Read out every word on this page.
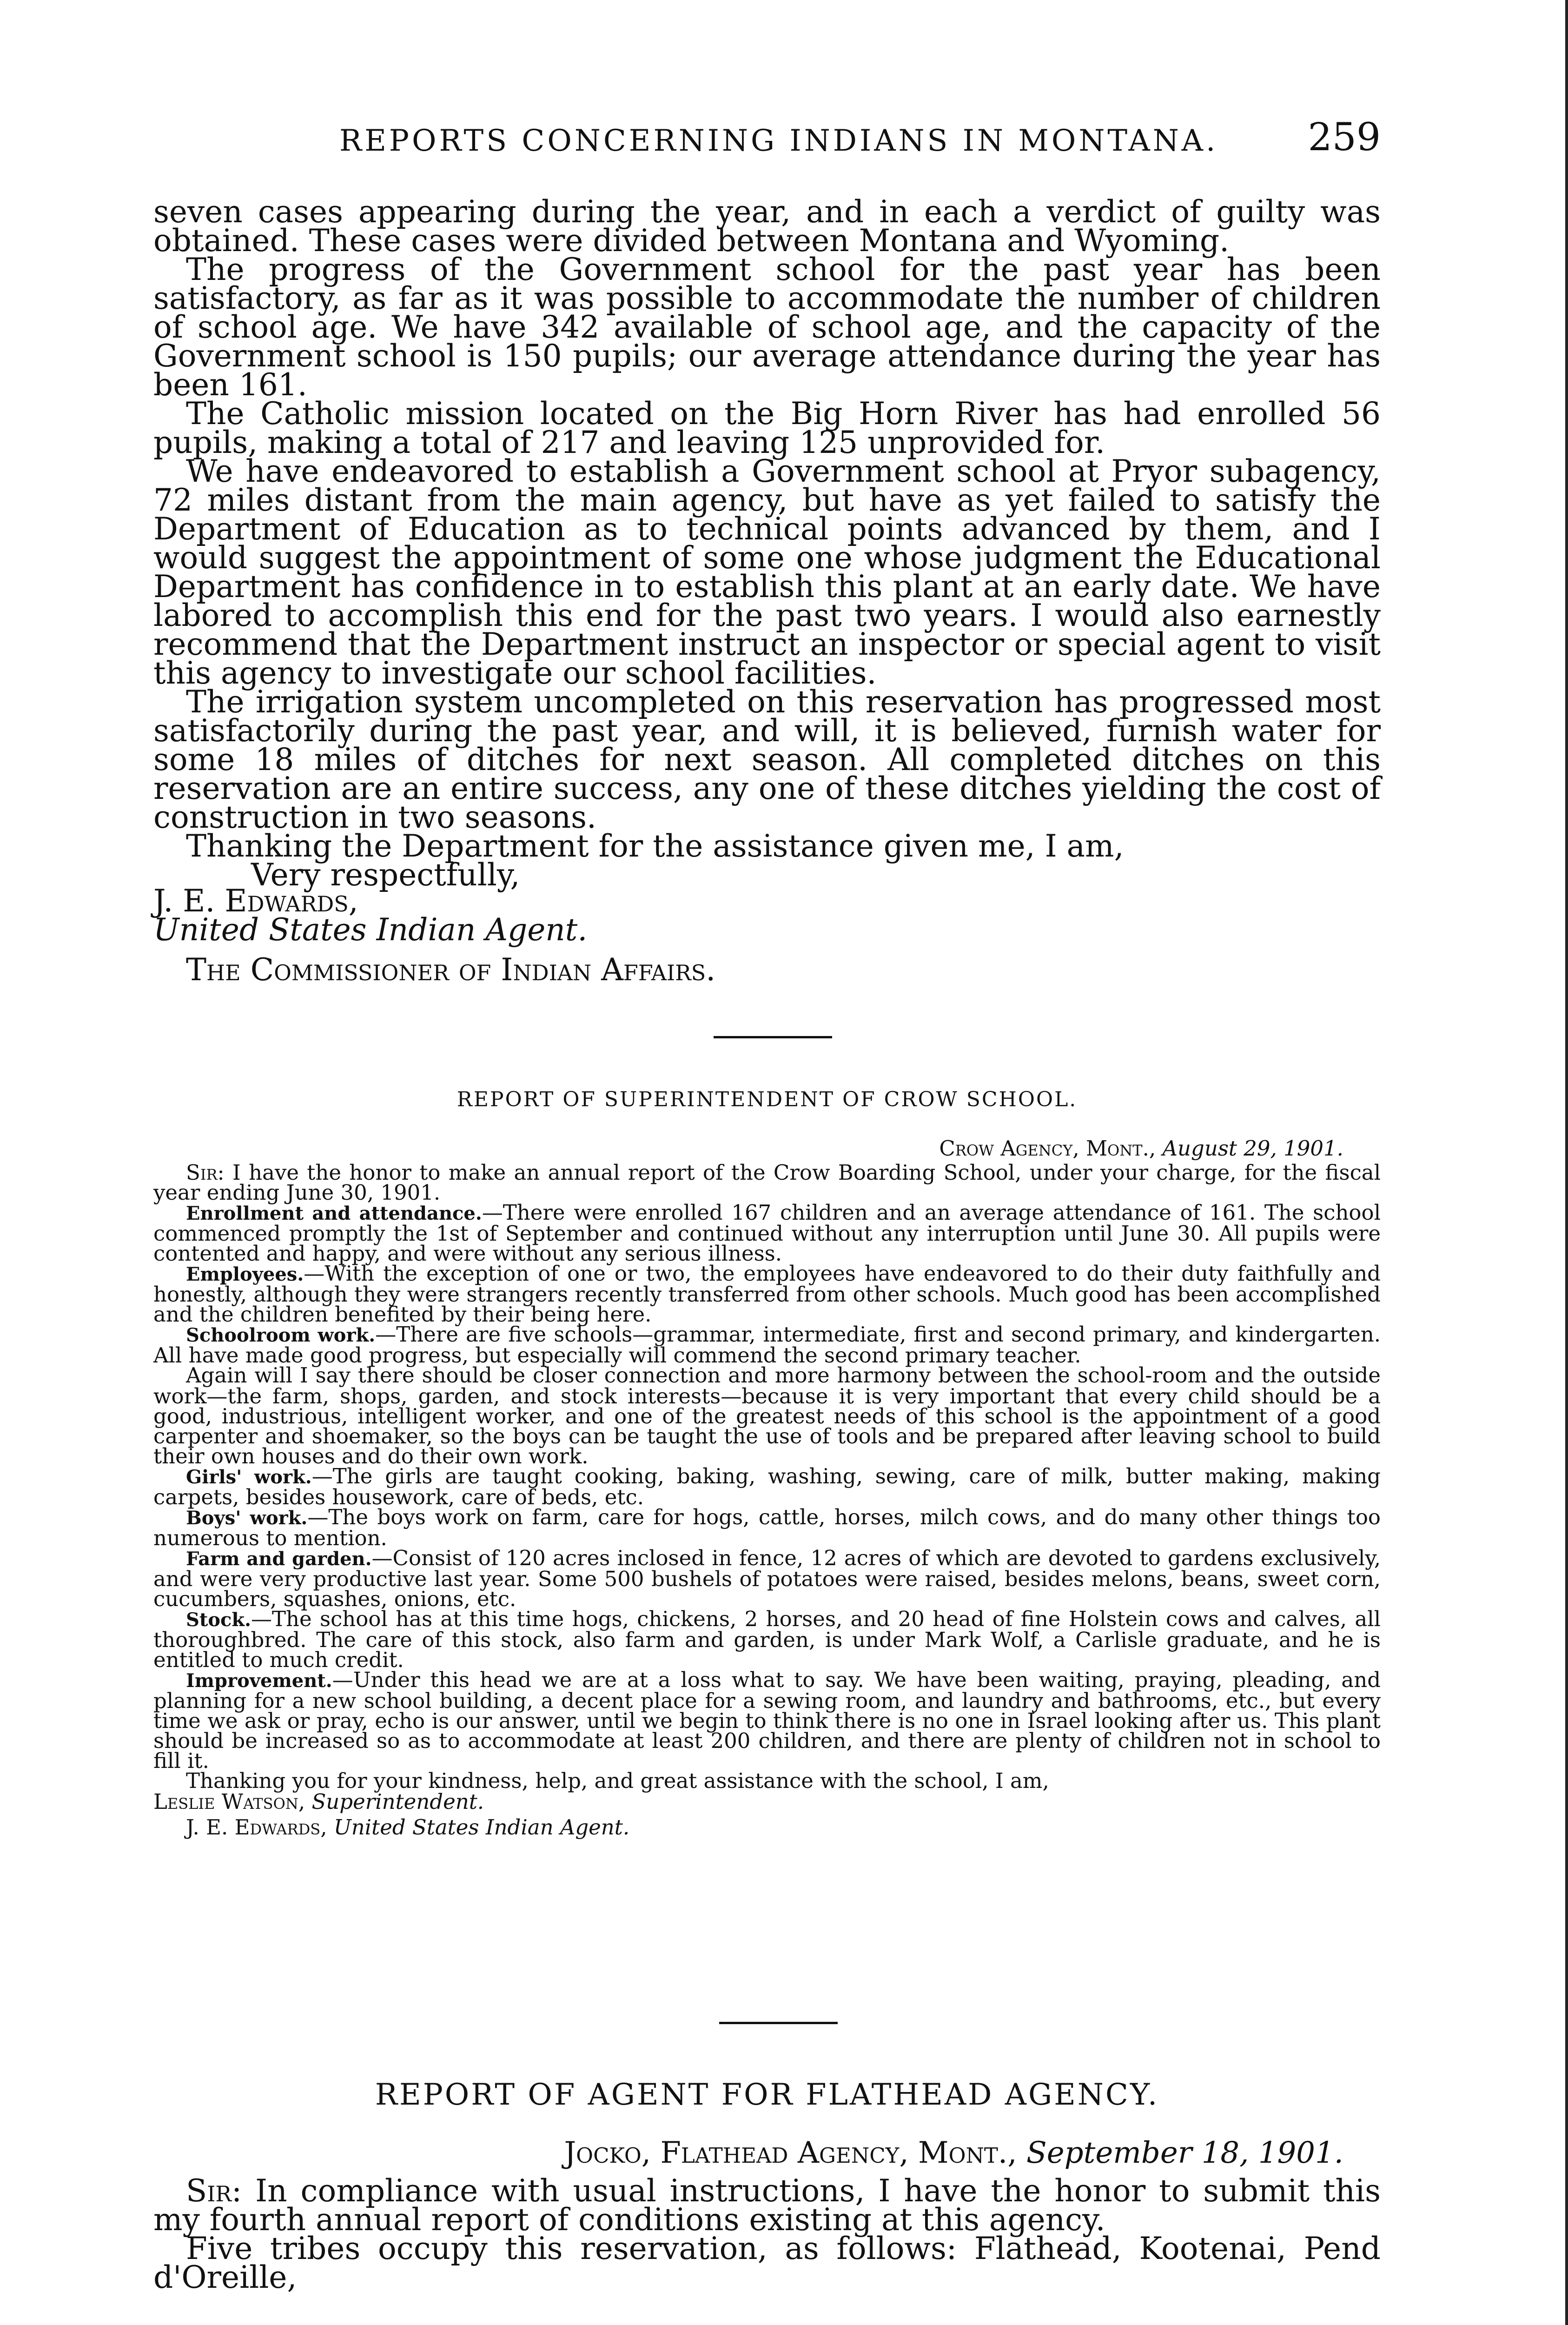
REPORTS CONCERNING INDIANS IN MONTANA. 259

seven cases appearing during the year, and in each a verdict of guilty was obtained. These cases were divided between Montana and Wyoming.

The progress of the Government school for the past year has been satisfactory, as far as it was possible to accommodate the number of children of school age. We have 342 available of school age, and the capacity of the Government school is 150 pupils; our average attendance during the year has been 161.

The Catholic mission located on the Big Horn River has had enrolled 56 pupils, making a total of 217 and leaving 125 unprovided for.

We have endeavored to establish a Government school at Pryor subagency, 72 miles distant from the main agency, but have as yet failed to satisfy the Department of Education as to technical points advanced by them, and I would suggest the appointment of some one whose judgment the Educational Department has confidence in to establish this plant at an early date. We have labored to accomplish this end for the past two years. I would also earnestly recommend that the Department instruct an inspector or special agent to visit this agency to investigate our school facilities.

The irrigation system uncompleted on this reservation has progressed most satisfactorily during the past year, and will, it is believed, furnish water for some 18 miles of ditches for next season. All completed ditches on this reservation are an entire success, any one of these ditches yielding the cost of construction in two seasons.

Thanking the Department for the assistance given me, I am,

Very respectfully,

J. E. Edwards,

United States Indian Agent.

The Commissioner of Indian Affairs.

REPORT OF SUPERINTENDENT OF CROW SCHOOL.
Crow Agency, Mont., August 29, 1901.

Sir: I have the honor to make an annual report of the Crow Boarding School, under your charge, for the fiscal year ending June 30, 1901.

Enrollment and attendance.—There were enrolled 167 children and an average attendance of 161. The school commenced promptly the 1st of September and continued without any interruption until June 30. All pupils were contented and happy, and were without any serious illness.

Employees.—With the exception of one or two, the employees have endeavored to do their duty faithfully and honestly, although they were strangers recently transferred from other schools. Much good has been accomplished and the children benefited by their being here.

Schoolroom work.—There are five schools—grammar, intermediate, first and second primary, and kindergarten. All have made good progress, but especially will commend the second primary teacher.

Again will I say there should be closer connection and more harmony between the school-room and the outside work—the farm, shops, garden, and stock interests—because it is very important that every child should be a good, industrious, intelligent worker, and one of the greatest needs of this school is the appointment of a good carpenter and shoemaker, so the boys can be taught the use of tools and be prepared after leaving school to build their own houses and do their own work.

Girls' work.—The girls are taught cooking, baking, washing, sewing, care of milk, butter making, making carpets, besides housework, care of beds, etc.

Boys' work.—The boys work on farm, care for hogs, cattle, horses, milch cows, and do many other things too numerous to mention.

Farm and garden.—Consist of 120 acres inclosed in fence, 12 acres of which are devoted to gardens exclusively, and were very productive last year. Some 500 bushels of potatoes were raised, besides melons, beans, sweet corn, cucumbers, squashes, onions, etc.

Stock.—The school has at this time hogs, chickens, 2 horses, and 20 head of fine Holstein cows and calves, all thoroughbred. The care of this stock, also farm and garden, is under Mark Wolf, a Carlisle graduate, and he is entitled to much credit.

Improvement.—Under this head we are at a loss what to say. We have been waiting, praying, pleading, and planning for a new school building, a decent place for a sewing room, and laundry and bathrooms, etc., but every time we ask or pray, echo is our answer, until we begin to think there is no one in Israel looking after us. This plant should be increased so as to accommodate at least 200 children, and there are plenty of children not in school to fill it.

Thanking you for your kindness, help, and great assistance with the school, I am,

Leslie Watson, Superintendent.

J. E. Edwards, United States Indian Agent.

REPORT OF AGENT FOR FLATHEAD AGENCY.
Jocko, Flathead Agency, Mont., September 18, 1901.

Sir: In compliance with usual instructions, I have the honor to submit this my fourth annual report of conditions existing at this agency.

Five tribes occupy this reservation, as follows: Flathead, Kootenai, Pend d'Oreille,
